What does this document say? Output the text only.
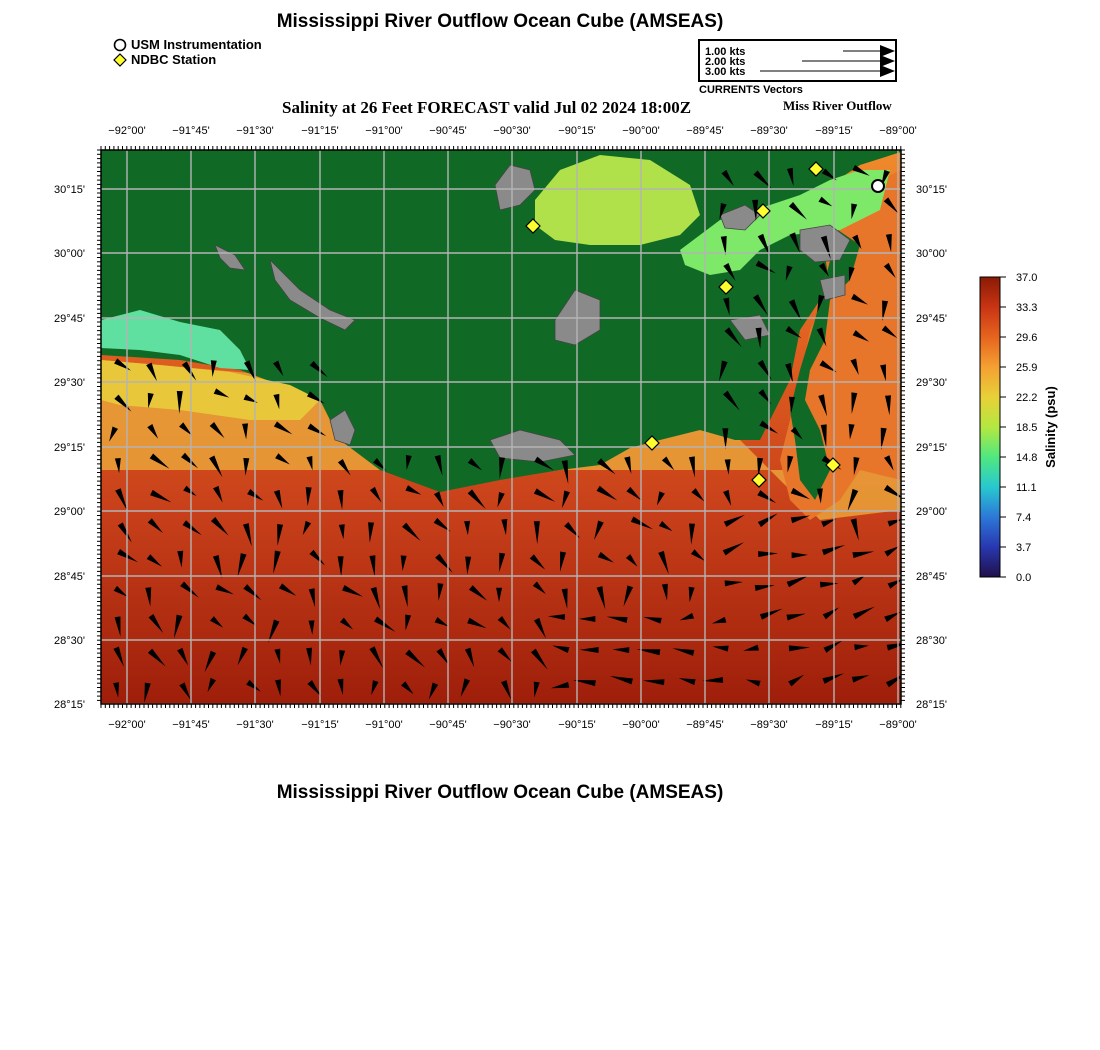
Mississippi River Outflow Ocean Cube (AMSEAS)
USM Instrumentation
NDBC Station	1.00 kts
2.00 kts
3.00 kts
CURRENTS Vectors
Salinity at 26 Feet FORECAST valid Jul 02 2024 18:00Z	Miss River Outflow
−92°00'
−92°00'
−91°45'
−91°45'
−91°30'
−91°30'
−91°15'
−91°15'
−91°00'
−91°00'
−90°45'
−90°45'
−90°30'
−90°30'
−90°15'
−90°15'
−90°00'
−90°00'
−89°45'
−89°45'
−89°30'
−89°30'
−89°15'
−89°15'
−89°00'
−89°00'
30°15'	30°15'
30°00'	30°00'
29°45'	29°45'
29°30'	29°30'
29°15'	29°15'
29°00'	29°00'
28°45'	28°45'
28°30'	28°30'
28°15'	28°15'
37.0
33.3
29.6
25.9
22.2
18.5
14.8
11.1
7.4
3.7
0.0
Salinity (psu)
Mississippi River Outflow Ocean Cube (AMSEAS)
